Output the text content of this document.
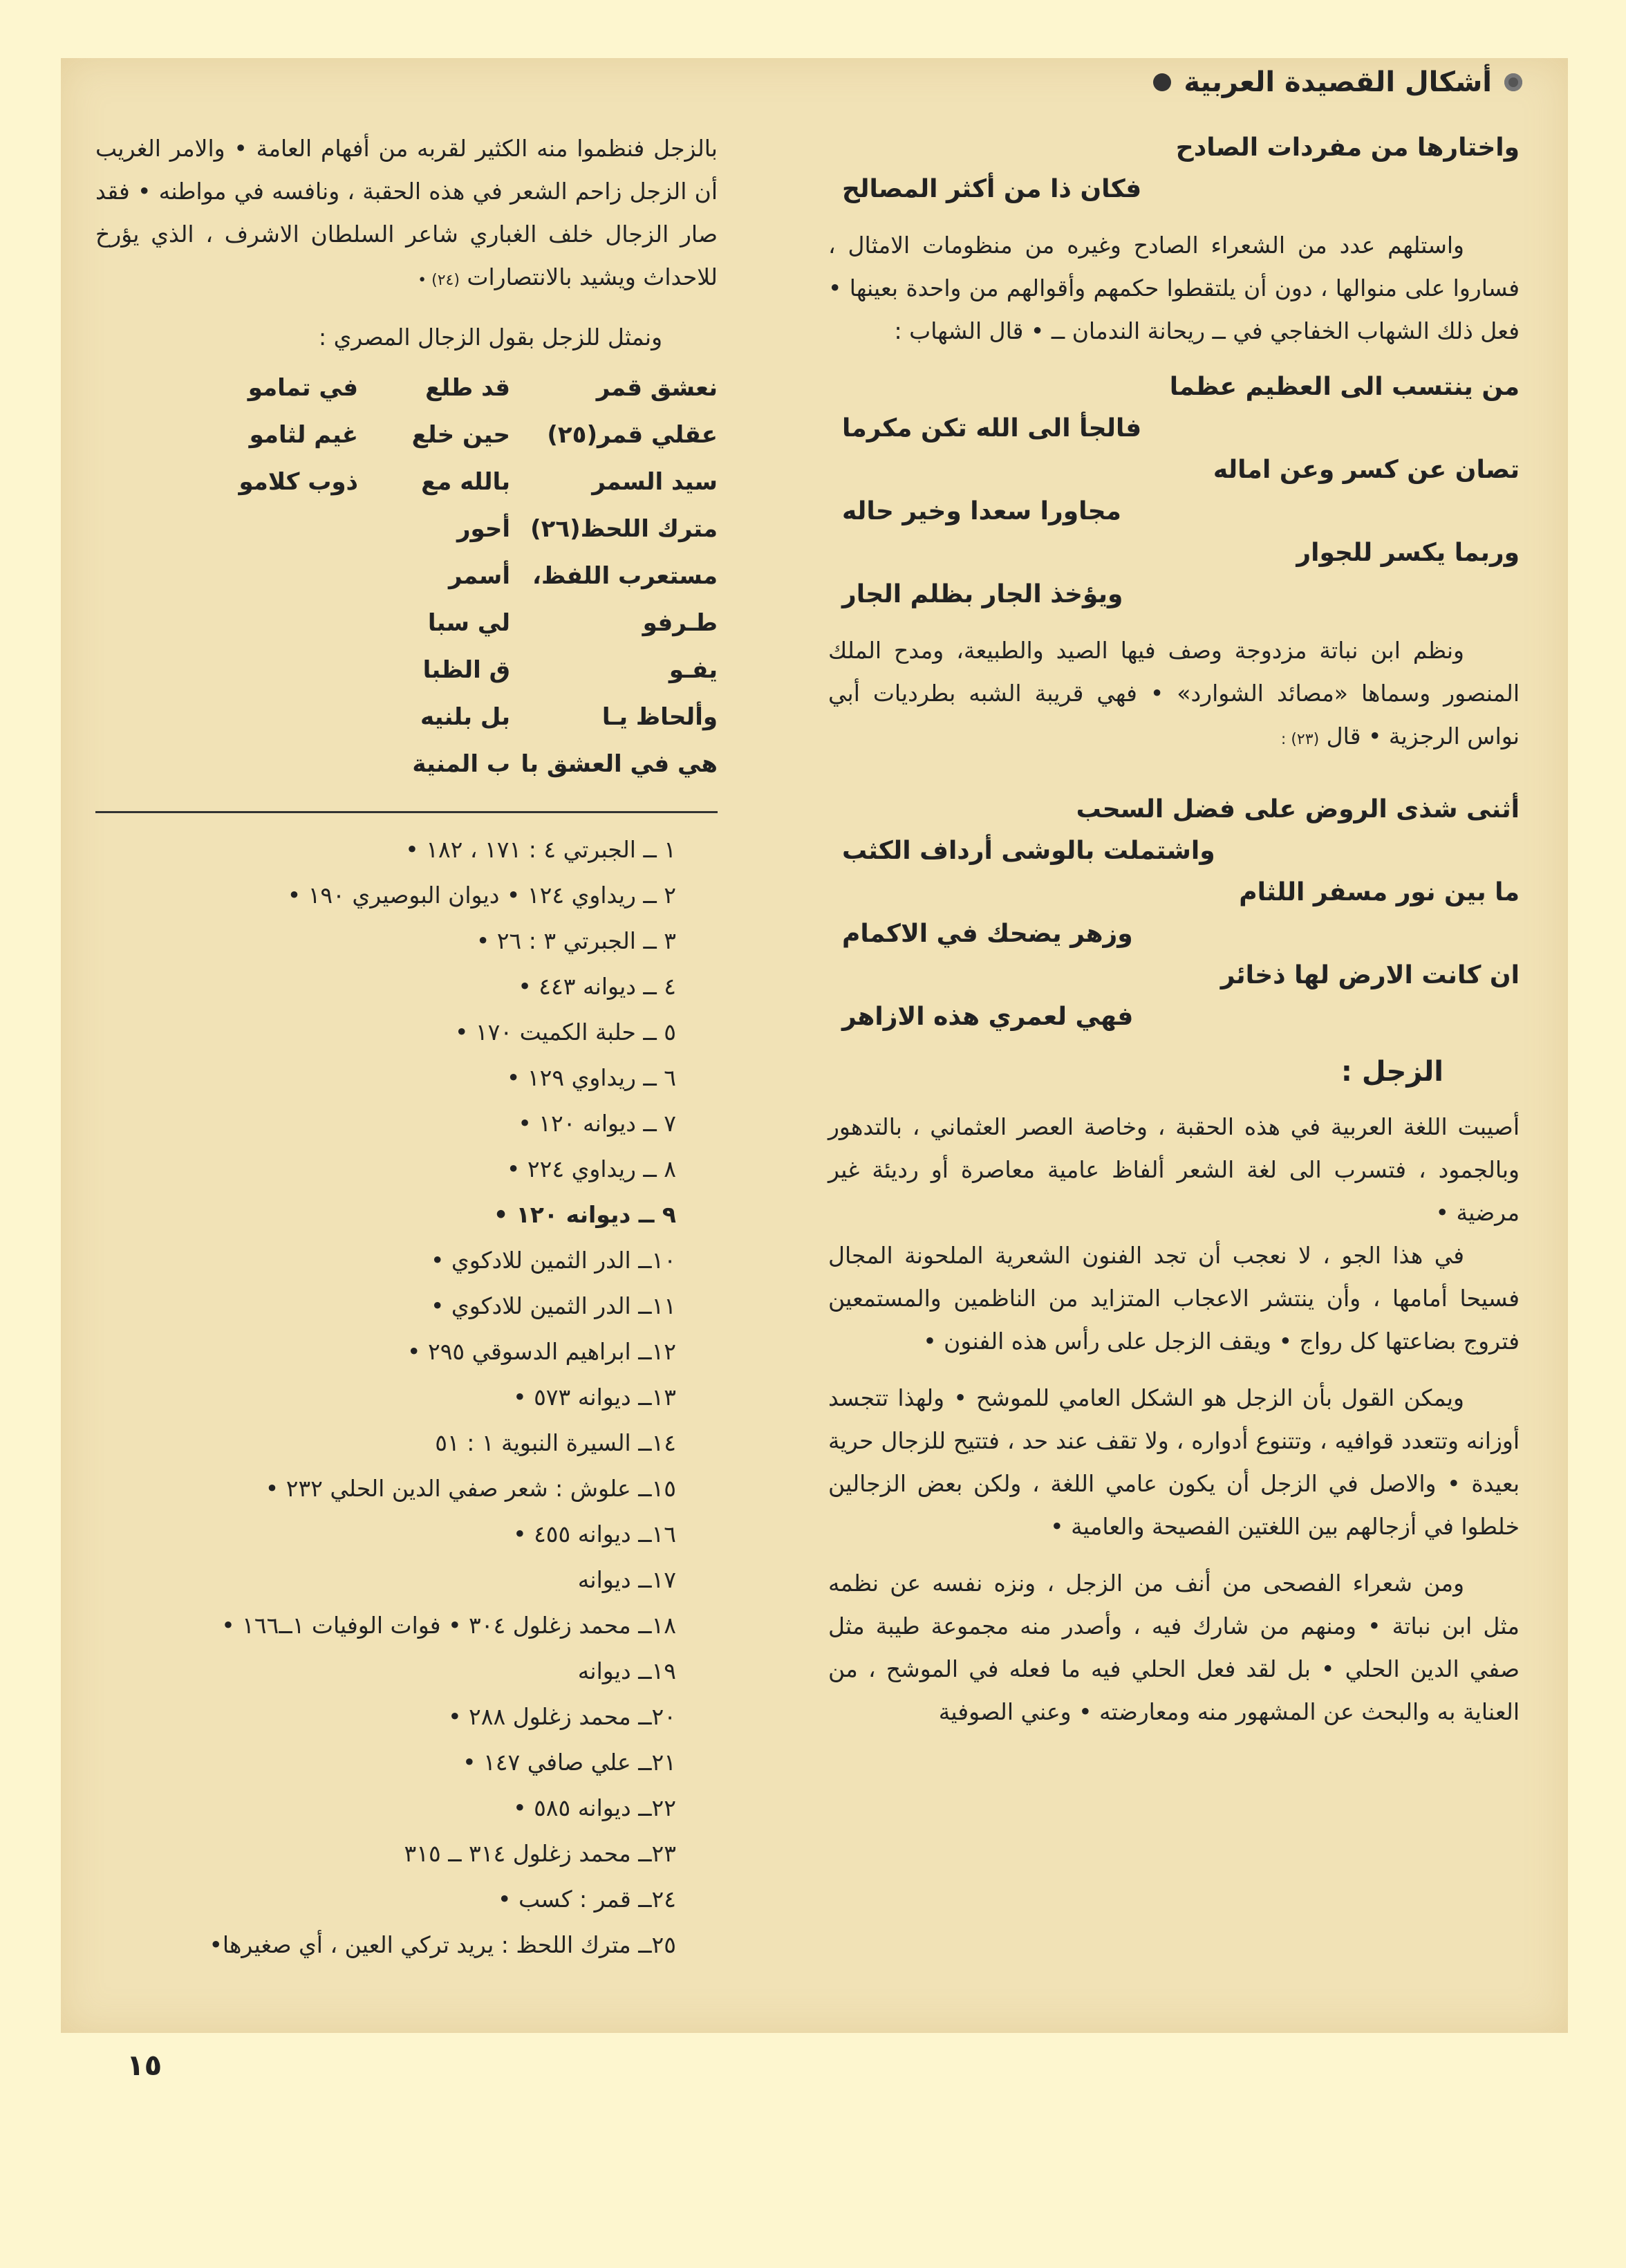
أشكال القصيدة العربية

واختارها من مفردات الصادح

فكان ذا من أكثر المصالح

واستلهم عدد من الشعراء الصادح وغيره من منظومات الامثال ، فساروا على منوالها ، دون أن يلتقطوا حكمهم وأقوالهم من واحدة بعينها • فعل ذلك الشهاب الخفاجي في ــ ريحانة الندمان ــ • قال الشهاب :

من ينتسب الى العظيم عظما

فالجأ الى الله تكن مكرما

تصان عن كسر وعن اماله

مجاورا سعدا وخير حاله

وربما يكسر للجوار

ويؤخذ الجار بظلم الجار

ونظم ابن نباتة مزدوجة وصف فيها الصيد والطبيعة، ومدح الملك المنصور وسماها «مصائد الشوارد» • فهي قريبة الشبه بطرديات أبي نواس الرجزية • قال (٢٣) :

أثنى شذى الروض على فضل السحب

واشتملت بالوشى أرداف الكثب

ما بين نور مسفر اللثام

وزهر يضحك في الاكمام

ان كانت الارض لها ذخائر

فهي لعمري هذه الازاهر

الزجل :

أصيبت اللغة العربية في هذه الحقبة ، وخاصة العصر العثماني ، بالتدهور وبالجمود ، فتسرب الى لغة الشعر ألفاظ عامية معاصرة أو رديئة غير مرضية •

في هذا الجو ، لا نعجب أن تجد الفنون الشعرية الملحونة المجال فسيحا أمامها ، وأن ينتشر الاعجاب المتزايد من الناظمين والمستمعين فتروج بضاعتها كل رواج • ويقف الزجل على رأس هذه الفنون •

ويمكن القول بأن الزجل هو الشكل العامي للموشح • ولهذا تتجسد أوزانه وتتعدد قوافيه ، وتتنوع أدواره ، ولا تقف عند حد ، فتتيح للزجال حرية بعيدة • والاصل في الزجل أن يكون عامي اللغة ، ولكن بعض الزجالين خلطوا في أزجالهم بين اللغتين الفصيحة والعامية •

ومن شعراء الفصحى من أنف من الزجل ، ونزه نفسه عن نظمه مثل ابن نباتة • ومنهم من شارك فيه ، وأصدر منه مجموعة طيبة مثل صفي الدين الحلي • بل لقد فعل الحلي فيه ما فعله في الموشح ، من العناية به والبحث عن المشهور منه ومعارضته • وعني الصوفية

بالزجل فنظموا منه الكثير لقربه من أفهام العامة • والامر الغريب أن الزجل زاحم الشعر في هذه الحقبة ، ونافسه في مواطنه • فقد صار الزجال خلف الغباري شاعر السلطان الاشرف ، الذي يؤرخ للاحداث ويشيد بالانتصارات (٢٤) •

ونمثل للزجل بقول الزجال المصري :

نعشق قمر	قد طلع	في تمامو
عقلي قمر(٢٥)	حين خلع	غيم لثامو
سيد السمر	بالله مع	ذوب كلامو
مترك اللحظ(٢٦)	أحور	
مستعرب اللفظ،	أسمر	
طـرفو	لي سبا	
يفـو	ق الظبا	
وألحاظ يـا	بل بلنيه	
هي في العشق با	ب المنية	
١ ــ الجبرتي ٤ : ١٧١ ، ١٨٢ •
٢ ــ ريداوي ١٢٤ • ديوان البوصيري ١٩٠ •
٣ ــ الجبرتي ٣ : ٢٦ •
٤ ــ ديوانه ٤٤٣ •
٥ ــ حلبة الكميت ١٧٠ •
٦ ــ ريداوي ١٢٩ •
٧ ــ ديوانه ١٢٠ •
٨ ــ ريداوي ٢٢٤ •
٩ ــ ديوانه ١٢٠ •
١٠ــ الدر الثمين للادكوي •
١١ــ الدر الثمين للادكوي •
١٢ــ ابراهيم الدسوقي ٢٩٥ •
١٣ــ ديوانه ٥٧٣ •
١٤ــ السيرة النبوية ١ : ٥١
١٥ــ علوش : شعر صفي الدين الحلي ٢٣٢ •
١٦ــ ديوانه ٤٥٥ •
١٧ــ ديوانه
١٨ــ محمد زغلول ٣٠٤ • فوات الوفيات ١ــ١٦٦ •
١٩ــ ديوانه
٢٠ــ محمد زغلول ٢٨٨ •
٢١ــ علي صافي ١٤٧ •
٢٢ــ ديوانه ٥٨٥ •
٢٣ــ محمد زغلول ٣١٤ ــ ٣١٥
٢٤ــ قمر : كسب •
٢٥ــ مترك اللحظ : يريد تركي العين ، أي صغيرها•
١٥
